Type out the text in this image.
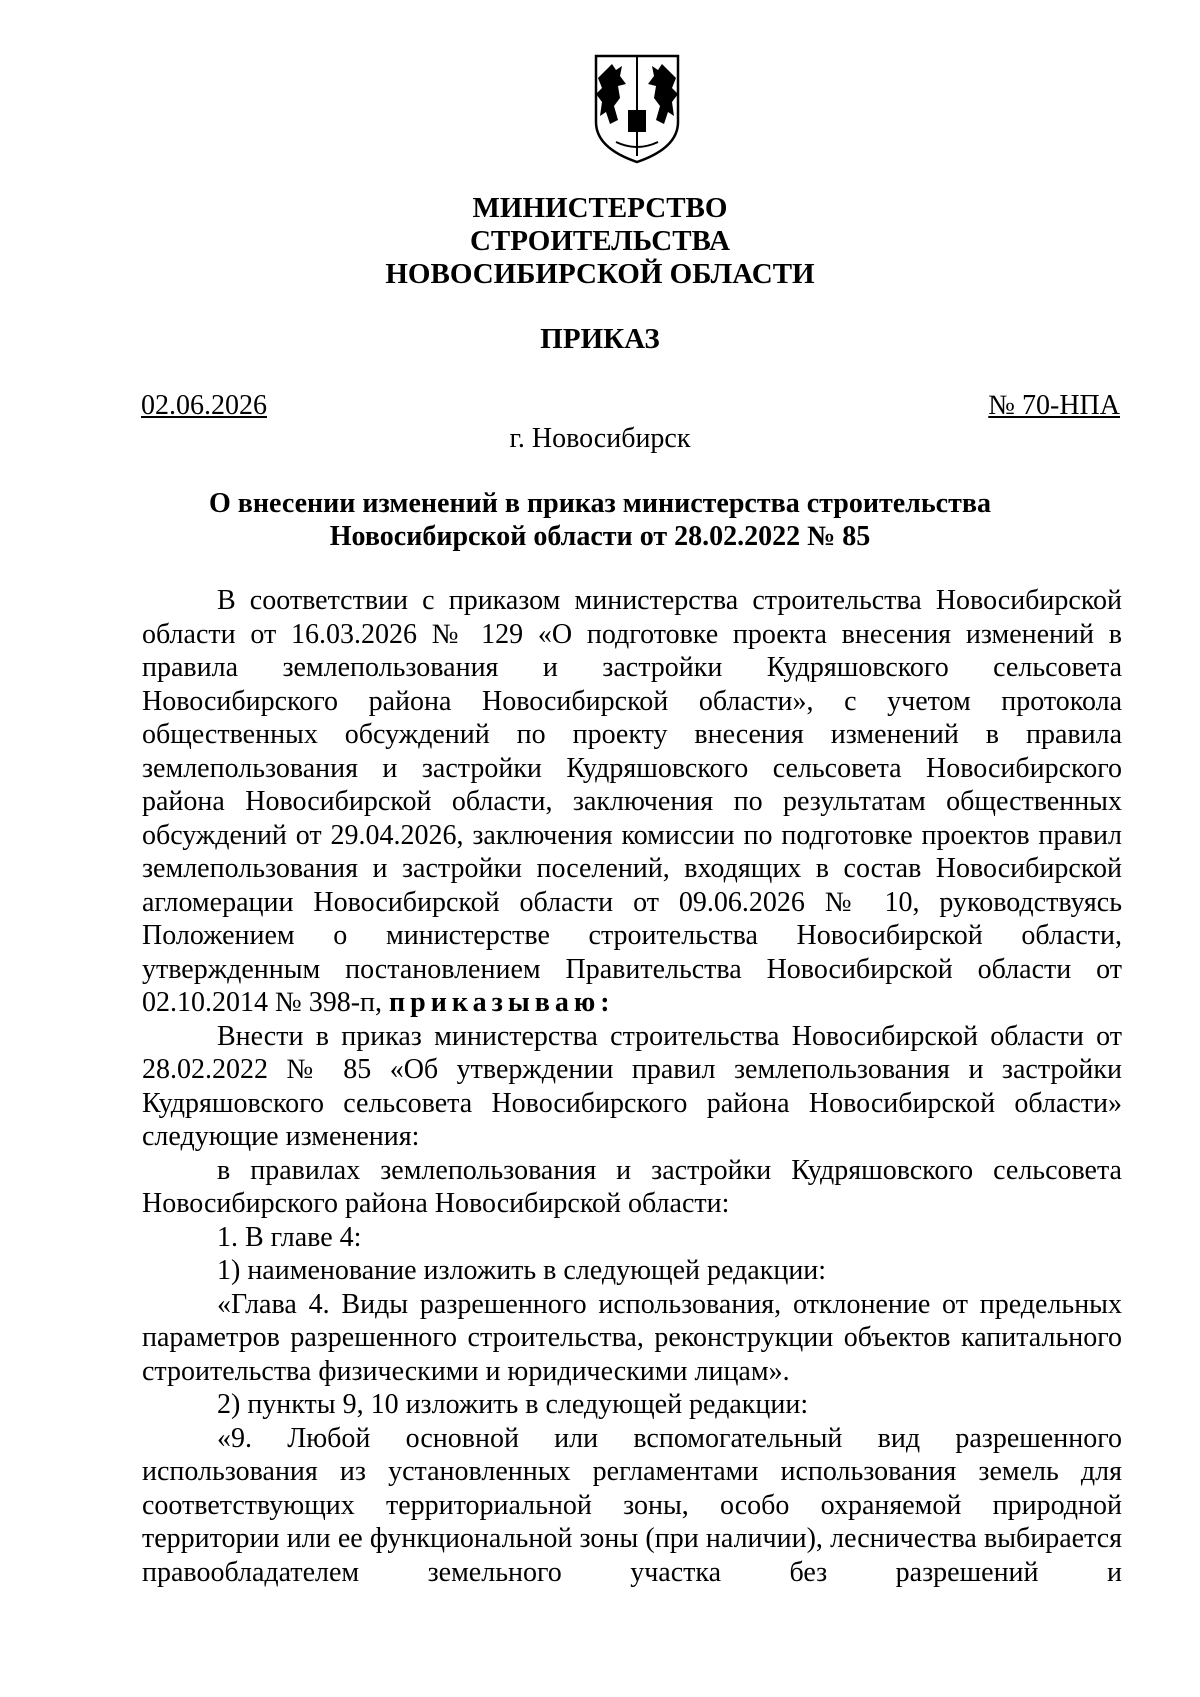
МИНИСТЕРСТВО
СТРОИТЕЛЬСТВА
НОВОСИБИРСКОЙ ОБЛАСТИ
ПРИКАЗ
02.06.2026	№ 70-НПА
г. Новосибирск
О внесении изменений в приказ министерства строительства
Новосибирской области от 28.02.2022 № 85

В соответствии с приказом министерства строительства Новосибирской области от 16.03.2026 № 129 «О подготовке проекта внесения изменений в правила землепользования и застройки Кудряшовского сельсовета Новосибирского района Новосибирской области», с учетом протокола общественных обсуждений по проекту внесения изменений в правила землепользования и застройки Кудряшовского сельсовета Новосибирского района Новосибирской области, заключения по результатам общественных обсуждений от 29.04.2026, заключения комиссии по подготовке проектов правил землепользования и застройки поселений, входящих в состав Новосибирской агломерации Новосибирской области от 09.06.2026 № 10, руководствуясь Положением о министерстве строительства Новосибирской области, утвержденным постановлением Правительства Новосибирской области от 02.10.2014 № 398-п, приказываю:

Внести в приказ министерства строительства Новосибирской области от 28.02.2022 № 85 «Об утверждении правил землепользования и застройки Кудряшовского сельсовета Новосибирского района Новосибирской области» следующие изменения:

в правилах землепользования и застройки Кудряшовского сельсовета Новосибирского района Новосибирской области:

1. В главе 4:

1) наименование изложить в следующей редакции:

«Глава 4. Виды разрешенного использования, отклонение от предельных параметров разрешенного строительства, реконструкции объектов капитального строительства физическими и юридическими лицам».

2) пункты 9, 10 изложить в следующей редакции:

«9. Любой основной или вспомогательный вид разрешенного использования из установленных регламентами использования земель для соответствующих территориальной зоны, особо охраняемой природной территории или ее функциональной зоны (при наличии), лесничества выбирается правообладателем земельного участка без разрешений и
